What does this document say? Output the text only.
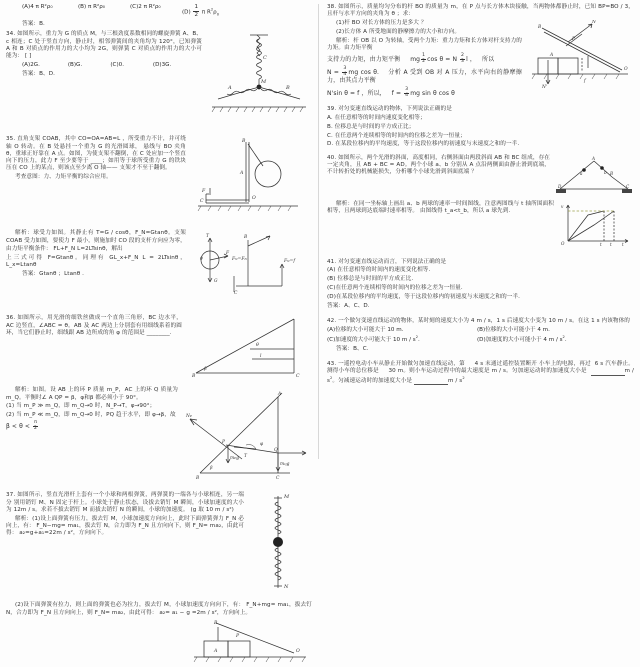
(A)4 π R²ρ₀	(B) π R²ρ₀	(C)2 π R²ρ₀
$(D) \frac{1}{2}$ π $R^2\rho_0$

答案：B.

C
M
A	B

34. 如图所示，重力为 G 的质点 M，与三根劲度系数相同的螺旋弹簧 A、B、c 相连；C 处于竖直方向，静止时，相邻弹簧间的夹角均为 120°，已知弹簧 A 和 B 对质点的作用力的大小均为 2G，则弹簧 C 对质点的作用力的大小可能为： [ ]

(A)2G.	(B)G.	(C)0.	(D)3G.

答案：B、D.

B
A
O
F
C

35. 直角支架 COAB，其中 CO=OA=AB=L ，所受重力不计，并可绕轴 O 转动。在 B 处悬挂一个重为 G 的光滑圆球， 悬线与 BO 夹角 θ，重球正好靠在 A 点。如图，为使支架不翻倒，在 C 处应加一个竖直向下的压力，此力 F 至少要等于 ____；如用等于球所受重力 G 的铁块压在 CO 上的某点，则该点至少离 O 轴—— 支架才不至于翻倒。

考查意图：力、力矩平衡的综合应用。

T
G
F
θ
B
FN=FN	FN=f
C

解析：球受力如图。其静止有 T=G / cosθ，F_N=Gtanθ。支架 COAB 受力如图，要使力 F 最小，则施加时 CO 段的支杆方向应为零，

由力矩平衡条件： FL+F_N L=2LTsinθ，解出

上三式可得 F=Gtanθ。同理有 GL_x+F_N L = 2LTsinθ，L_x=Ltanθ

答案：Gtanθ ；Ltanθ .

θ
l
β
B	C

36. 如图所示，用光滑的细铁丝做成一个直角三角形，BC 边水平，AC 边竖直，∠ABC = θ。AB 及 AC 两边上分别套有用细线系着的圆环，当它们静止时，细线跟 AB 边所成的角 φ 的范围是 ________.

NP
A
P	φ
Q
mPg
mQg
T
β
B	C

解析：如图。设 AB 上的环 P 质量 m_P，AC 上的环 Q 质量为 m_Q。平衡时∠ A QP = β，φ和β 都必须小于 90°。

(1) 当 m_P ≫ m_Q，即 m_Q→0 时，N_P→T，φ→90°；

(2) 当 m_P ≪ m_Q，即 m_Q→0 时，PQ 趋于水平，即 φ→β，故

$\beta < \theta < \frac{\pi}{2}$

M
N

37. 如图所示，竖直光滑杆上套有一个小球和两根弹簧，两弹簧的一端各与小球相连，另一端分 别用销钉 M、N 固定于杆上。小球处于静止状态，设拔去销钉 M 瞬间，小球加速度的大小为 12m / s。求若不拔去销钉 M 而拔去销钉 N 的瞬间，小球的加速度。 (g 取 10 m / s²)

解析：(1)设上面弹簧有压力，拔去钉 M，小球加速度方向向上，此时下面弹簧弹力 F_N 必向上，有： F_N−mg= ma₁，拔去钉 N，合力即为 F_N 且方向向下，则 F_N= ma₂，由此可得： a₂=g+a₁=22m / s²，方向向下。

(2)设下面弹簧有拉力，则上面的弹簧也必为拉力，拔去钉 M，小球加速度方向向下，有： F_N+mg= ma₁，拔去钉 N，合力即为 F_N 且方向向上，则 F_N= ma₂，由此可得： a₂= a₁ − g =2m / s²，方向向上。

B
P
A	O

38. 如图所示，质量均匀分布的杆 BO 的质量为 m，在 P 点与长方体木块接触，当两物体都静止时，已知 BP=BO / 3，且杆与水平方向的夹角为 θ ；求：

B
N
P
A
O
N'
f

(1)杆 BO 对长方体的压力是多大 ？

(2)长方体 A 所受地面的静摩擦力的大小和方向。

解析：杆 OB 以 O 为转轴，受两个力矩：重力力矩和长方体对杆支持力的力矩。由力矩平衡

支持力的力矩，由力矩平衡     mg $\frac{1}{2}$ cos θ = N $\frac{2}{3}$ l ，   所以

$N = \frac{3}{4}$ mg cos θ.    分析 A 受到 OB 对 A 压力，水平向右的静摩擦力，由其点力平衡

N'sin θ = f ，所以，   $f = \frac{3}{4}$ mg sin θ cos θ

39. 对匀变速直线运动的物体，下列说法正确的是

A. 在任意相等的时间内速度变化相等；

B. 位移总是与时间的平方成正比；

C. 在任意两个连续相等的时间内的位移之差为一恒量；

D. 在某段位移内的平均速度，等于这段位移内的初速度与末速度之和的一半.

A
B
D	C
a	b

40. 如图所示，两个光滑的斜面，高度相同，右侧斜面由两段斜面 AB 和 BC 组成，存在一定夹角，且 AB + BC = AD。两个小球 a、b 分别从 A 点沿两侧面由静止滑到底端，不计转折处的机械能损失，分析哪个小球先滑到斜面底端 ？

v
O	t t t

解析：在同一坐标轴上画出 a、b 两球的速率一时间图线，注意两图线与 t 轴所围面积相等，且两球到达底端时速率相等。 由图线得 t_a<t_b，所以 a 球先到.

41. 对匀变速直线运动而言，下列说法正确的是

(A) 在任意相等的时间内的速度变化相等.

(B) 位移总是与时间的平方成正比.

(C)在任意两个连续相等的时间内的位移之差为一恒量.

(D)在某段位移内的平均速度，等于这段位移内的初速度与末速度之和的一半.

答案：A、C、D.

42. 一个做匀变速直线运动的物体，某时刻的速度大小为 4 m / s，1 s 后速度大小变为 10 m / s。在这 1 s 内该物体的

(A)位移的大小可能大于 10 m.	(B)位移的大小可能小于 4 m.
(C)加速度的大小可能大于 10 m / $s^2$.	(D)加速度的大小可能小于 4 m / $s^2$.

答案：B、C.

43. 一遥控电动小车从静止开始做匀加速直线运动，第     4 s 末通过遥控装置断开 小车上的电源，再过  6 s 汽车静止。测得小车的总位移是     30 m。则小车运动过程中的最大速度是 m / s。匀加速运动时的加速度大小是	m / $s^2$。匀减速运动时的加速度大小是	m / $s^2$
